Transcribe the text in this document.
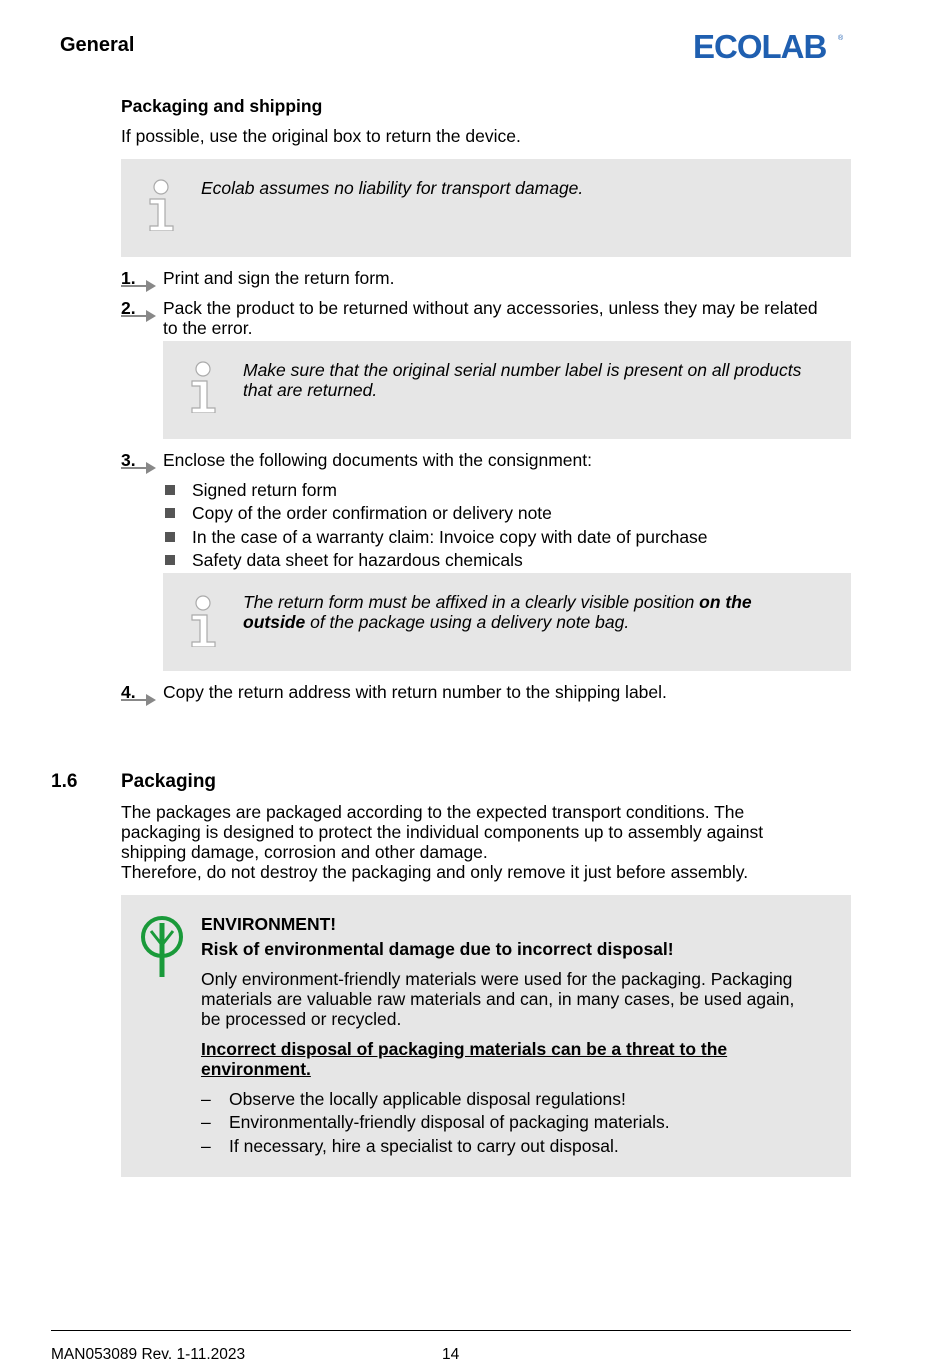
General	ECOLAB ®
Packaging and shipping
If possible, use the original box to return the device.
Ecolab assumes no liability for transport damage.
1. Print and sign the return form.
2. Pack the product to be returned without any accessories, unless they may be related
to the error.
Make sure that the original serial number label is present on all products
that are returned.
3. Enclose the following documents with the consignment:
Signed return form
Copy of the order confirmation or delivery note
In the case of a warranty claim: Invoice copy with date of purchase
Safety data sheet for hazardous chemicals
The return form must be affixed in a clearly visible position on the
outside of the package using a delivery note bag.
4. Copy the return address with return number to the shipping label.
1.6 Packaging
The packages are packaged according to the expected transport conditions. The
packaging is designed to protect the individual components up to assembly against
shipping damage, corrosion and other damage.
Therefore, do not destroy the packaging and only remove it just before assembly.
ENVIRONMENT!
Risk of environmental damage due to incorrect disposal!
Only environment-friendly materials were used for the packaging. Packaging
materials are valuable raw materials and can, in many cases, be used again,
be processed or recycled.
Incorrect disposal of packaging materials can be a threat to the
environment.
– Observe the locally applicable disposal regulations!
– Environmentally-friendly disposal of packaging materials.
– If necessary, hire a specialist to carry out disposal.
MAN053089 Rev. 1-11.2023	14
